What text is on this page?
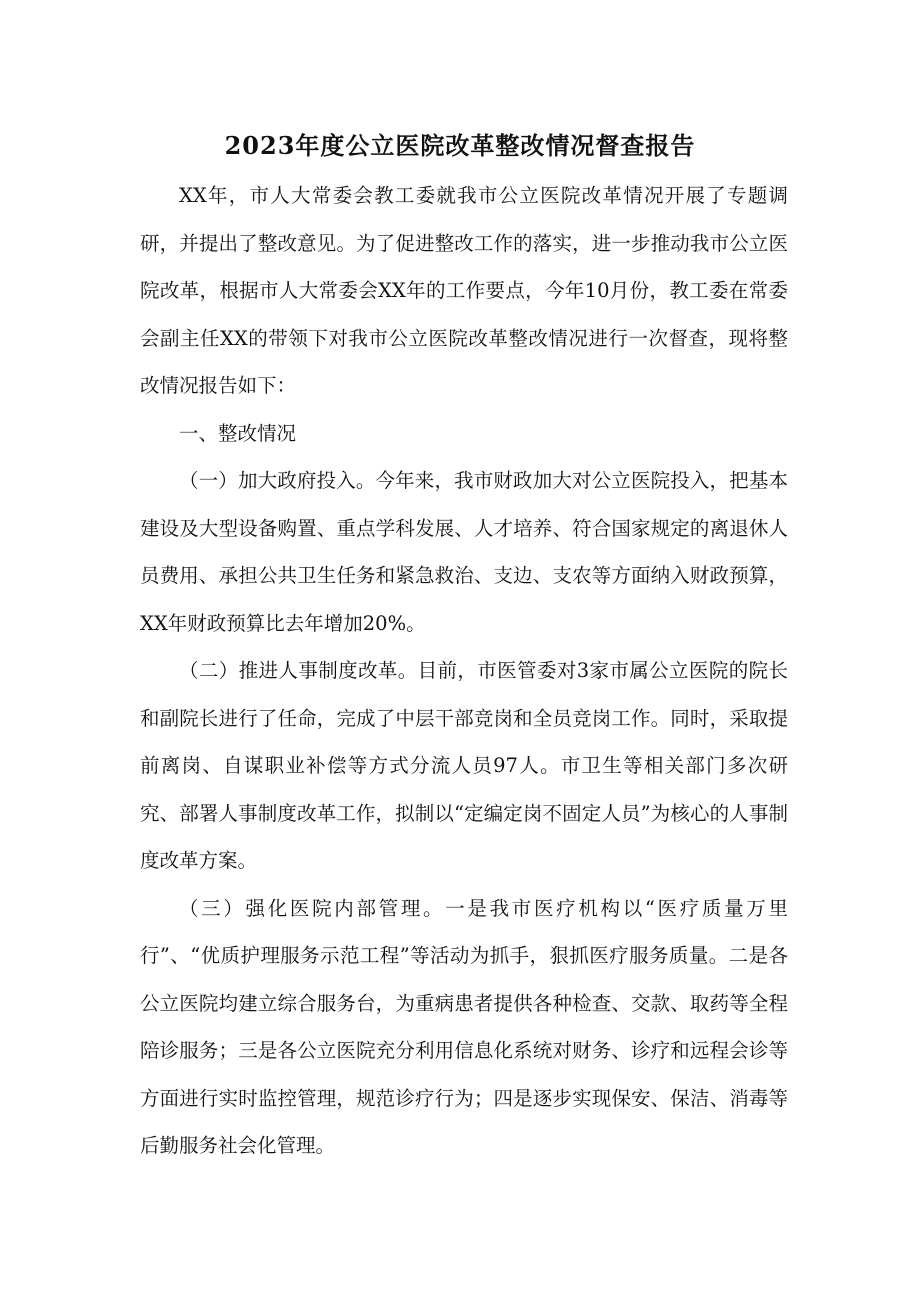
2023年度公立医院改革整改情况督查报告

XX年，市人大常委会教工委就我市公立医院改革情况开展了专题调研，并提出了整改意见。为了促进整改工作的落实，进一步推动我市公立医院改革，根据市人大常委会XX年的工作要点，今年10月份，教工委在常委会副主任XX的带领下对我市公立医院改革整改情况进行一次督查，现将整改情况报告如下：

一、整改情况

（一）加大政府投入。今年来，我市财政加大对公立医院投入，把基本建设及大型设备购置、重点学科发展、人才培养、符合国家规定的离退休人员费用、承担公共卫生任务和紧急救治、支边、支农等方面纳入财政预算，XX年财政预算比去年增加20%。

（二）推进人事制度改革。目前，市医管委对3家市属公立医院的院长和副院长进行了任命，完成了中层干部竞岗和全员竞岗工作。同时，采取提前离岗、自谋职业补偿等方式分流人员97人。市卫生等相关部门多次研究、部署人事制度改革工作，拟制以“定编定岗不固定人员”为核心的人事制度改革方案。

（三）强化医院内部管理。一是我市医疗机构以“医疗质量万里行”、“优质护理服务示范工程”等活动为抓手，狠抓医疗服务质量。二是各公立医院均建立综合服务台，为重病患者提供各种检查、交款、取药等全程陪诊服务；三是各公立医院充分利用信息化系统对财务、诊疗和远程会诊等方面进行实时监控管理，规范诊疗行为；四是逐步实现保安、保洁、消毒等后勤服务社会化管理。
